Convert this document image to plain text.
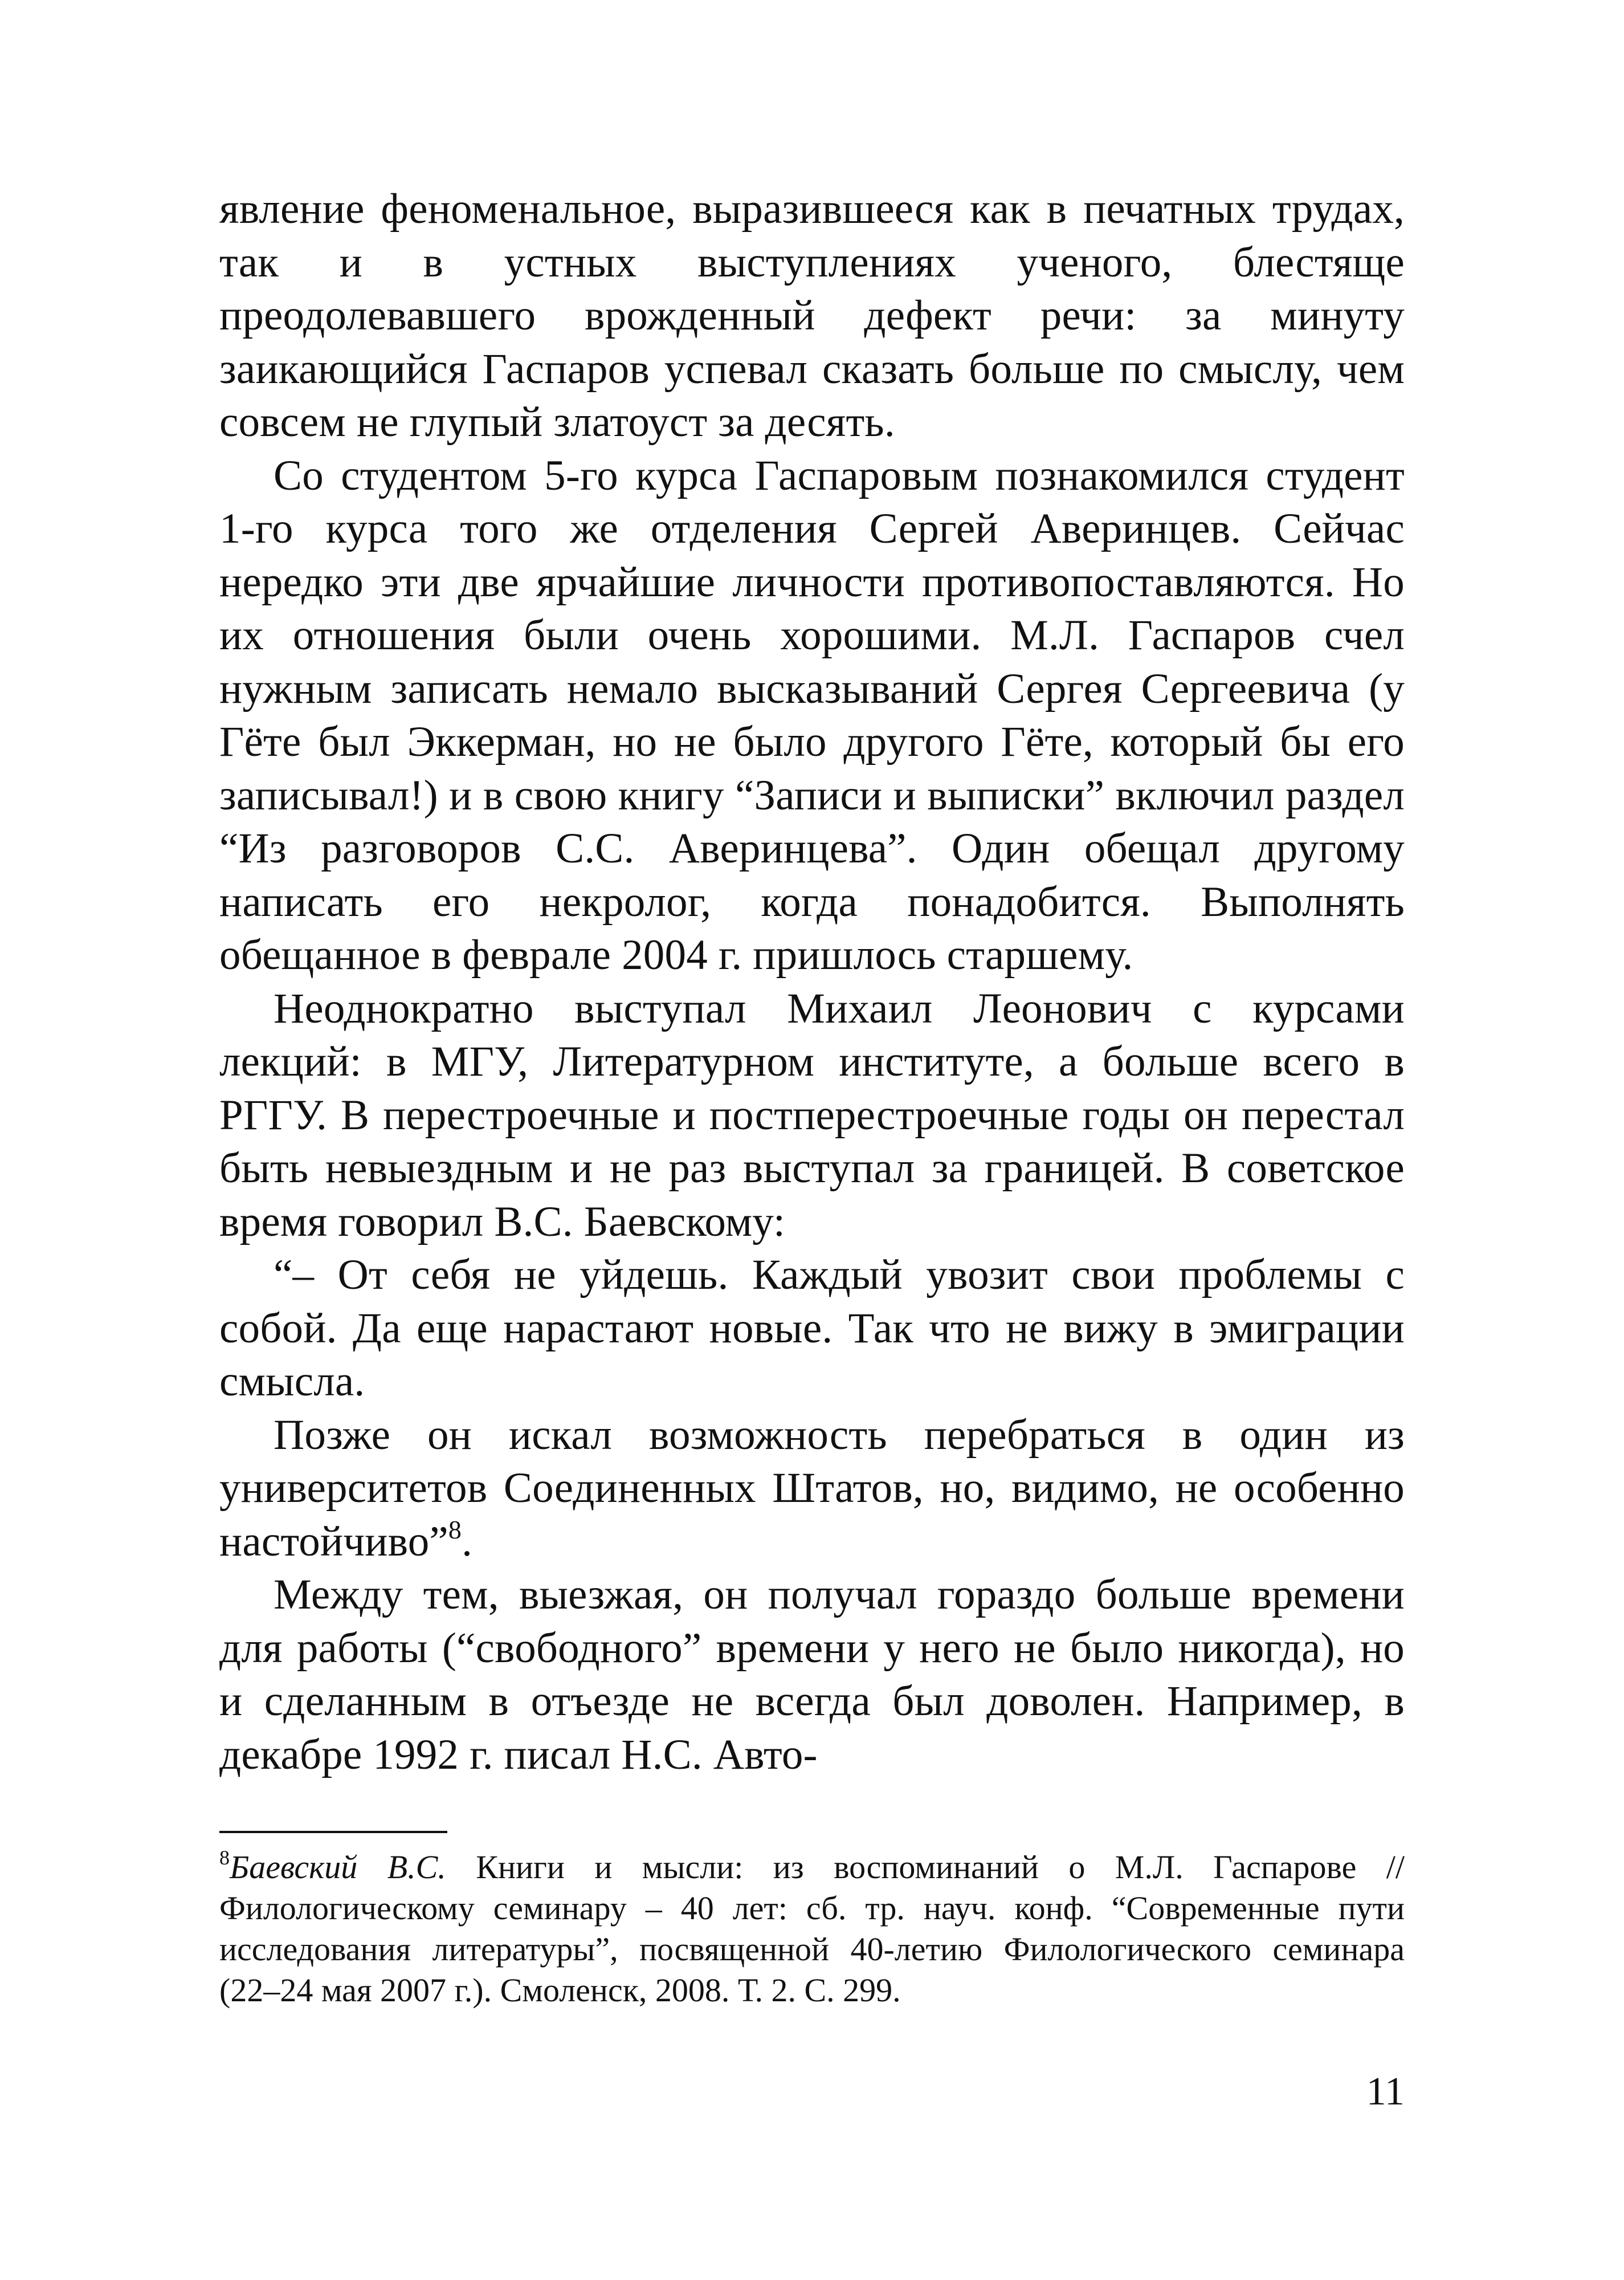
явление феноменальное, выразившееся как в печатных трудах, так и в устных выступлениях ученого, блестяще преодолевавшего врожденный дефект речи: за минуту заикающийся Гаспаров успевал сказать больше по смыслу, чем совсем не глупый златоуст за десять.

Со студентом 5-го курса Гаспаровым познакомился студент 1-го курса того же отделения Сергей Аверинцев. Сейчас нередко эти две ярчайшие личности противопоставляются. Но их отношения были очень хорошими. М.Л. Гаспаров счел нужным записать немало высказываний Сергея Сергеевича (у Гёте был Эккерман, но не было другого Гёте, который бы его записывал!) и в свою книгу “Записи и выписки” включил раздел “Из разговоров С.С. Аверинцева”. Один обещал другому написать его некролог, когда понадобится. Выполнять обещанное в феврале 2004 г. пришлось старшему.

Неоднократно выступал Михаил Леонович с курсами лекций: в МГУ, Литературном институте, а больше всего в РГГУ. В перестроечные и постперестроечные годы он перестал быть невыездным и не раз выступал за границей. В советское время говорил В.С. Баевскому:

“– От себя не уйдешь. Каждый увозит свои проблемы с собой. Да еще нарастают новые. Так что не вижу в эмиграции смысла.

Позже он искал возможность перебраться в один из университетов Соединенных Штатов, но, видимо, не особенно настойчиво”$^8$.

Между тем, выезжая, он получал гораздо больше времени для работы (“свободного” времени у него не было никогда), но и сделанным в отъезде не всегда был доволен. Например, в декабре 1992 г. писал Н.С. Авто-

$^8$Баевский В.С. Книги и мысли: из воспоминаний о М.Л. Гаспарове // Филологическому семинару – 40 лет: сб. тр. науч. конф. “Современные пути исследования литературы”, посвященной 40-летию Филологического семинара (22–24 мая 2007 г.). Смоленск, 2008. Т. 2. С. 299.

11
